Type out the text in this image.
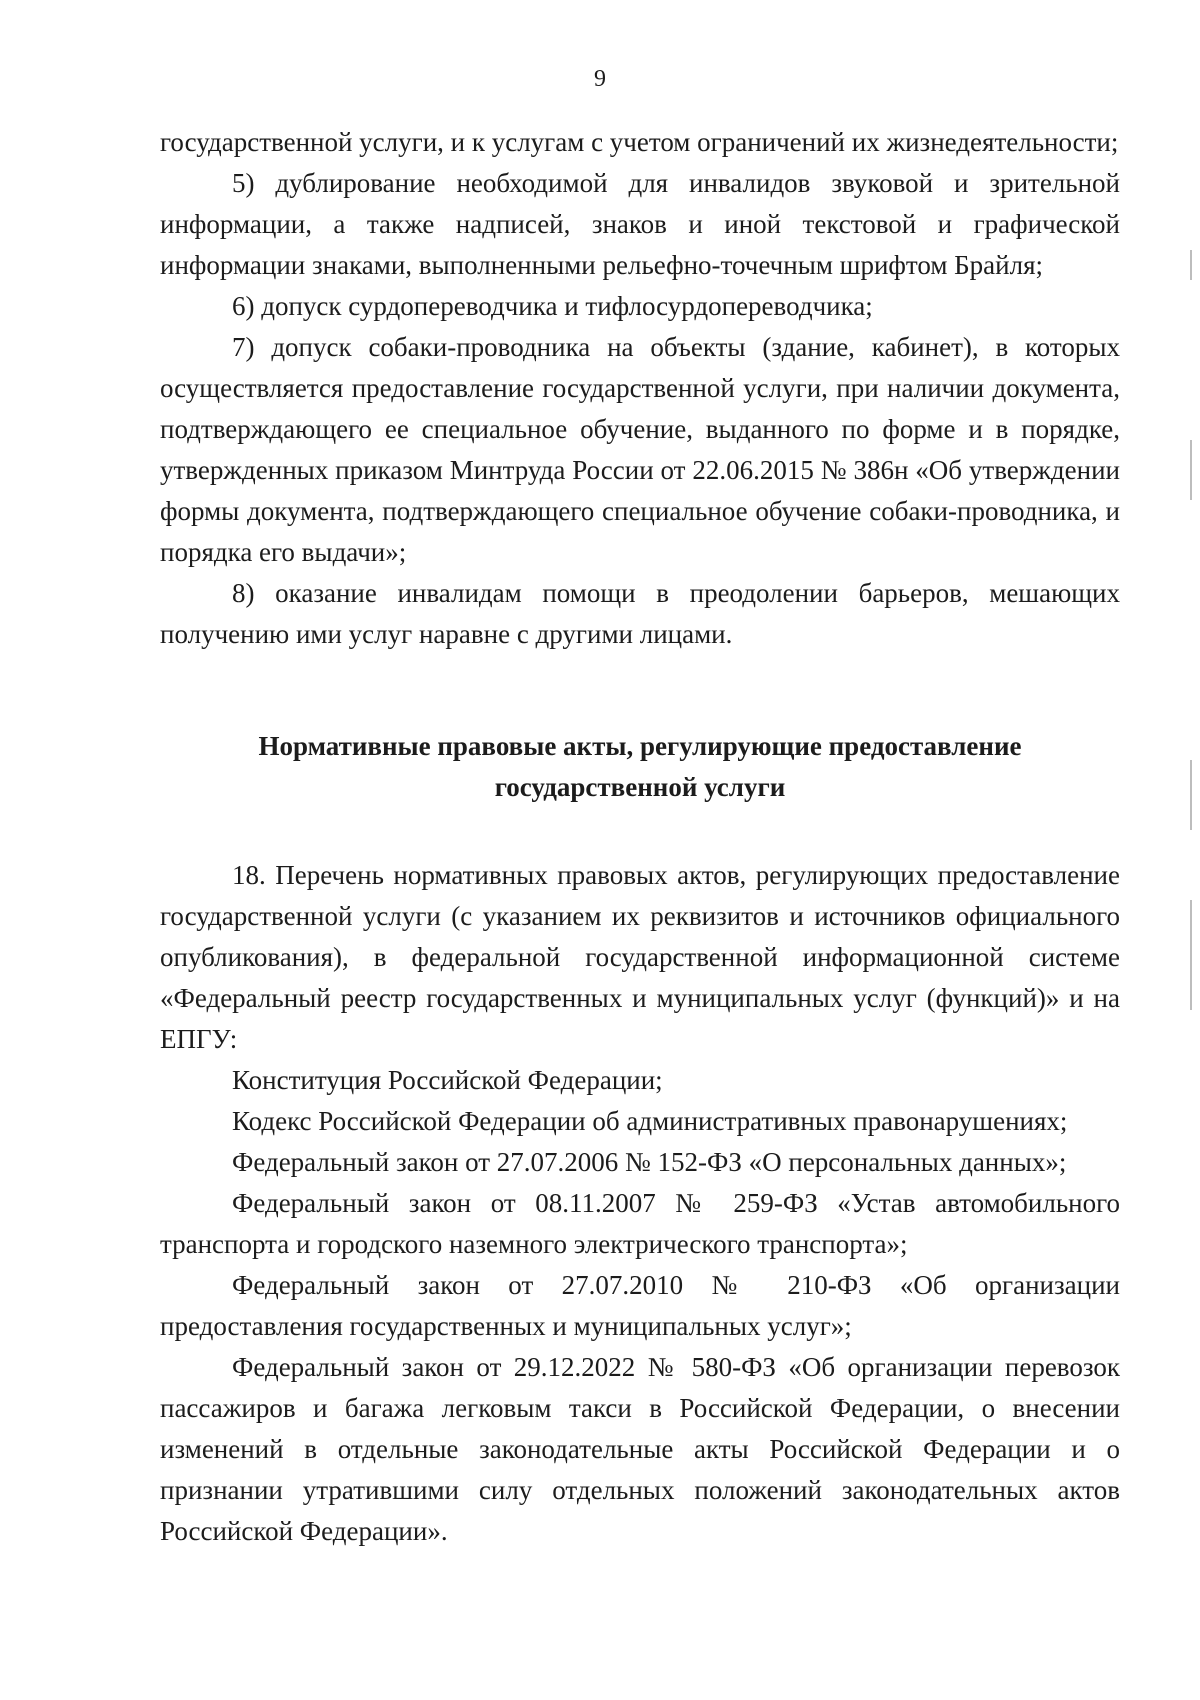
9

государственной услуги, и к услугам с учетом ограничений их жизнедеятельности;

5) дублирование необходимой для инвалидов звуковой и зрительной информации, а также надписей, знаков и иной текстовой и графической информации знаками, выполненными рельефно-точечным шрифтом Брайля;

6) допуск сурдопереводчика и тифлосурдопереводчика;

7) допуск собаки-проводника на объекты (здание, кабинет), в которых осуществляется предоставление государственной услуги, при наличии документа, подтверждающего ее специальное обучение, выданного по форме и в порядке, утвержденных приказом Минтруда России от 22.06.2015 № 386н «Об утверждении формы документа, подтверждающего специальное обучение собаки-проводника, и порядка его выдачи»;

8) оказание инвалидам помощи в преодолении барьеров, мешающих получению ими услуг наравне с другими лицами.

Нормативные правовые акты, регулирующие предоставление
государственной услуги

18. Перечень нормативных правовых актов, регулирующих предоставление государственной услуги (с указанием их реквизитов и источников официального опубликования), в федеральной государственной информационной системе «Федеральный реестр государственных и муниципальных услуг (функций)» и на ЕПГУ:

Конституция Российской Федерации;

Кодекс Российской Федерации об административных правонарушениях;

Федеральный закон от 27.07.2006 № 152-ФЗ «О персональных данных»;

Федеральный закон от 08.11.2007 № 259-ФЗ «Устав автомобильного транспорта и городского наземного электрического транспорта»;

Федеральный закон от 27.07.2010 № 210-ФЗ «Об организации предоставления государственных и муниципальных услуг»;

Федеральный закон от 29.12.2022 № 580-ФЗ «Об организации перевозок пассажиров и багажа легковым такси в Российской Федерации, о внесении изменений в отдельные законодательные акты Российской Федерации и о признании утратившими силу отдельных положений законодательных актов Российской Федерации».
